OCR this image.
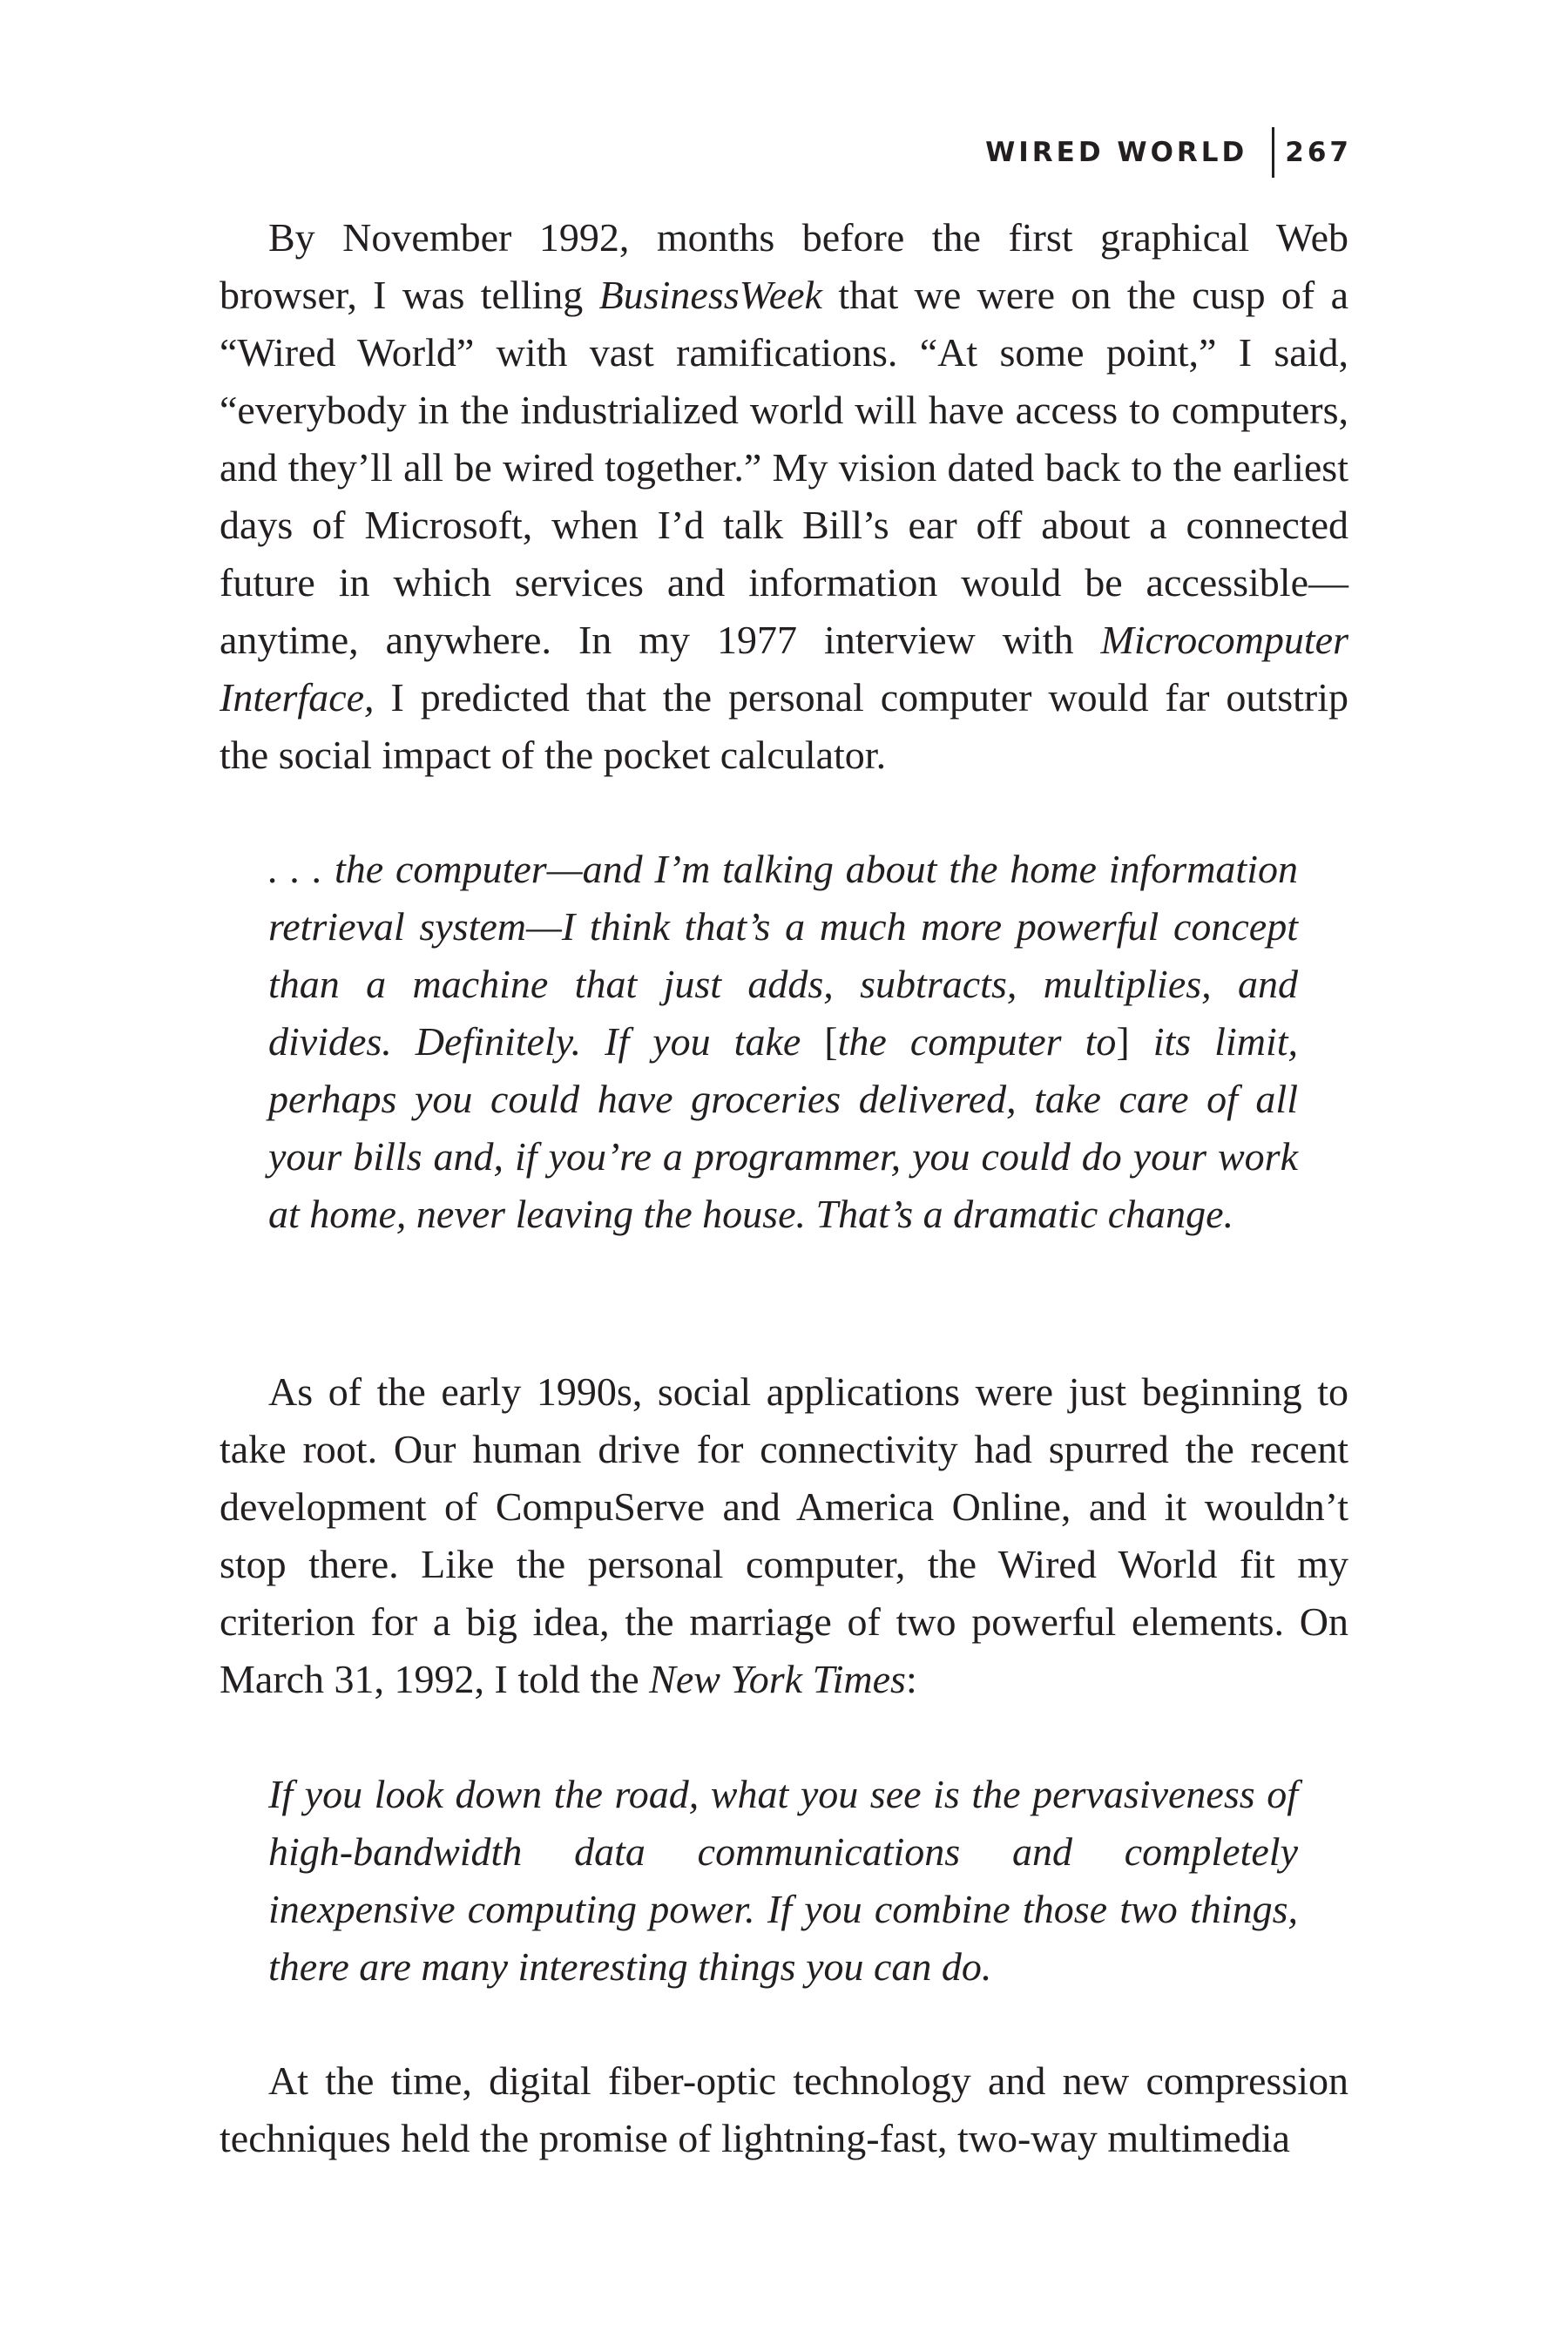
WIRED WORLD	267

By November 1992, months before the first graphical Web browser, I was telling BusinessWeek that we were on the cusp of a “Wired World” with vast ramifications. “At some point,” I said, “everybody in the industrialized world will have access to computers, and they’ll all be wired together.” My vision dated back to the earliest days of Microsoft, when I’d talk Bill’s ear off about a connected future in which services and information would be accessible—anytime, anywhere. In my 1977 interview with Microcomputer Interface, I predicted that the personal computer would far outstrip the social impact of the pocket calculator.

. . . the computer—and I’m talking about the home information retrieval system—I think that’s a much more powerful concept than a machine that just adds, subtracts, multiplies, and divides. Definitely. If you take [the computer to] its limit, perhaps you could have groceries delivered, take care of all your bills and, if you’re a programmer, you could do your work at home, never leaving the house. That’s a dramatic change.

As of the early 1990s, social applications were just beginning to take root. Our human drive for connectivity had spurred the recent development of CompuServe and America Online, and it wouldn’t stop there. Like the personal computer, the Wired World fit my criterion for a big idea, the marriage of two powerful elements. On March 31, 1992, I told the New York Times:

If you look down the road, what you see is the pervasiveness of high-bandwidth data communications and completely inexpensive computing power. If you combine those two things, there are many interesting things you can do.

At the time, digital fiber-optic technology and new compression techniques held the promise of lightning-fast, two-way multimedia
